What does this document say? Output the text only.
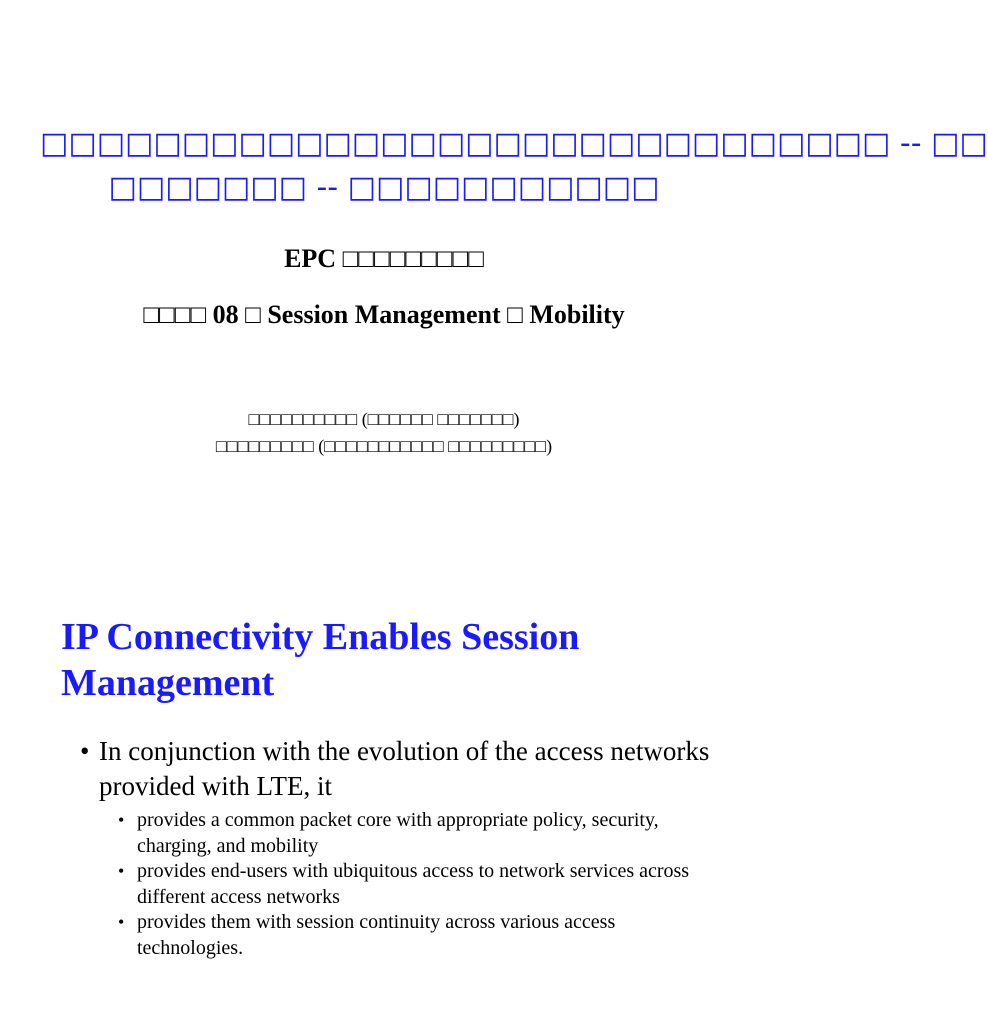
□□□□□□□□□□□□□□□□□□□□□□□□□□□□□□ -- □□
□□□□□□□ -- □□□□□□□□□□□
EPC □□□□□□□□□
□□□□ 08 □ Session Management □ Mobility
□□□□□□□□□□ (□□□□□□ □□□□□□□)
□□□□□□□□□ (□□□□□□□□□□□ □□□□□□□□□)
IP Connectivity Enables Session Management
• In conjunction with the evolution of the access networks provided with LTE, it
• provides a common packet core with appropriate policy, security, charging, and mobility
• provides end-users with ubiquitous access to network services across different access networks
• provides them with session continuity across various access technologies.
